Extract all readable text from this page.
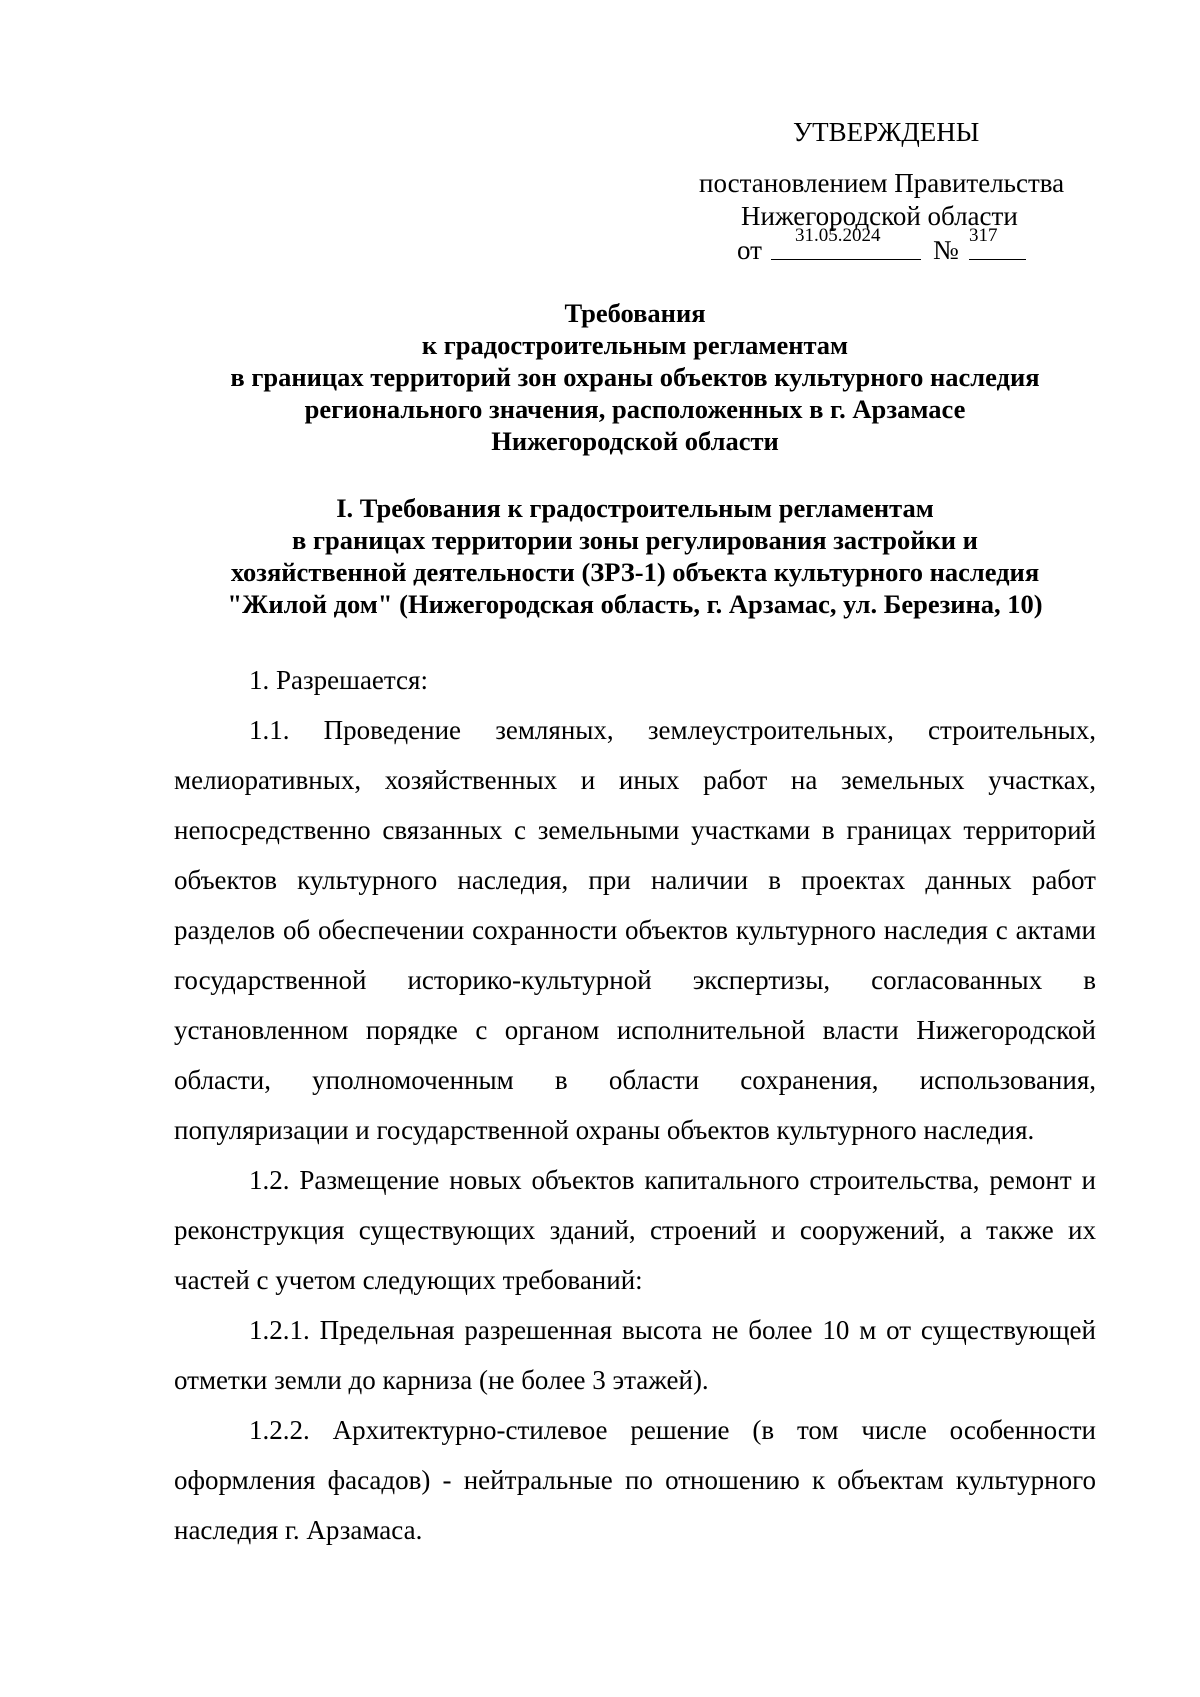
УТВЕРЖДЕНЫ
постановлением Правительства
Нижегородской области
от 31.05.2024 № 317
Требования
к градостроительным регламентам
в границах территорий зон охраны объектов культурного наследия
регионального значения, расположенных в г. Арзамасе
Нижегородской области
I. Требования к градостроительным регламентам
в границах территории зоны регулирования застройки и
хозяйственной деятельности (ЗРЗ-1) объекта культурного наследия
"Жилой дом" (Нижегородская область, г. Арзамас, ул. Березина, 10)

1. Разрешается:

1.1. Проведение земляных, землеустроительных, строительных, мелиоративных, хозяйственных и иных работ на земельных участках, непосредственно связанных с земельными участками в границах территорий объектов культурного наследия, при наличии в проектах данных работ разделов об обеспечении сохранности объектов культурного наследия с актами государственной историко-культурной экспертизы, согласованных в установленном порядке с органом исполнительной власти Нижегородской области, уполномоченным в области сохранения, использования, популяризации и государственной охраны объектов культурного наследия.

1.2. Размещение новых объектов капитального строительства, ремонт и реконструкция существующих зданий, строений и сооружений, а также их частей с учетом следующих требований:

1.2.1. Предельная разрешенная высота не более 10 м от существующей отметки земли до карниза (не более 3 этажей).

1.2.2. Архитектурно-стилевое решение (в том числе особенности оформления фасадов) - нейтральные по отношению к объектам культурного наследия г. Арзамаса.
